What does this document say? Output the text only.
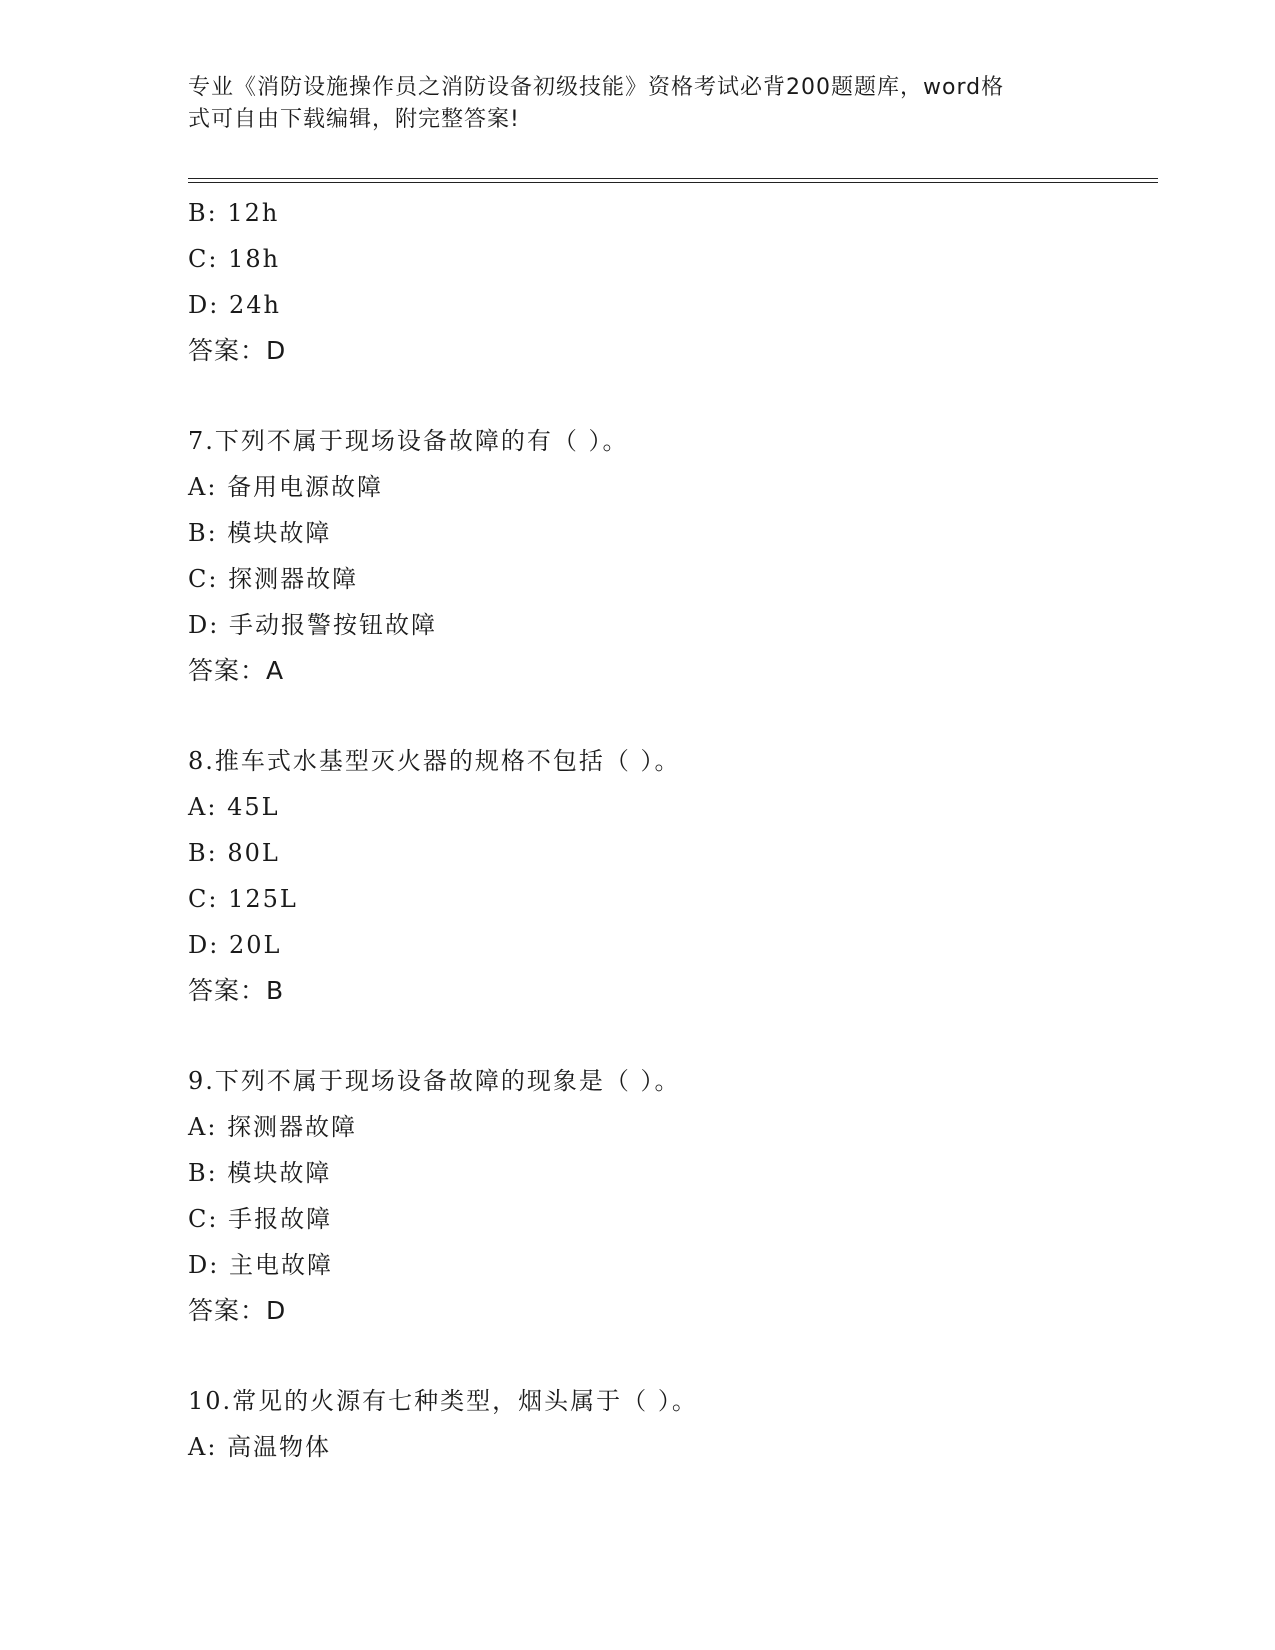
专业《消防设施操作员之消防设备初级技能》资格考试必背200题题库，word格
式可自由下载编辑，附完整答案!
B : 12h
C : 18h
D : 24h
答案 ： D
7 . 下列不属于现场设备故障的有（ ）。
A : 备用电源故障
B : 模块故障
C : 探测器故障
D : 手动报警按钮故障
答案 ： A
8 . 推车式水基型灭火器的规格不包括（ ）。
A : 45L
B : 80L
C : 125L
D : 20L
答案 ： B
9 . 下列不属于现场设备故障的现象是（ ）。
A : 探测器故障
B : 模块故障
C : 手报故障
D : 主电故障
答案 ： D
10 . 常见的火源有七种类型，烟头属于（ ）。
A : 高温物体
